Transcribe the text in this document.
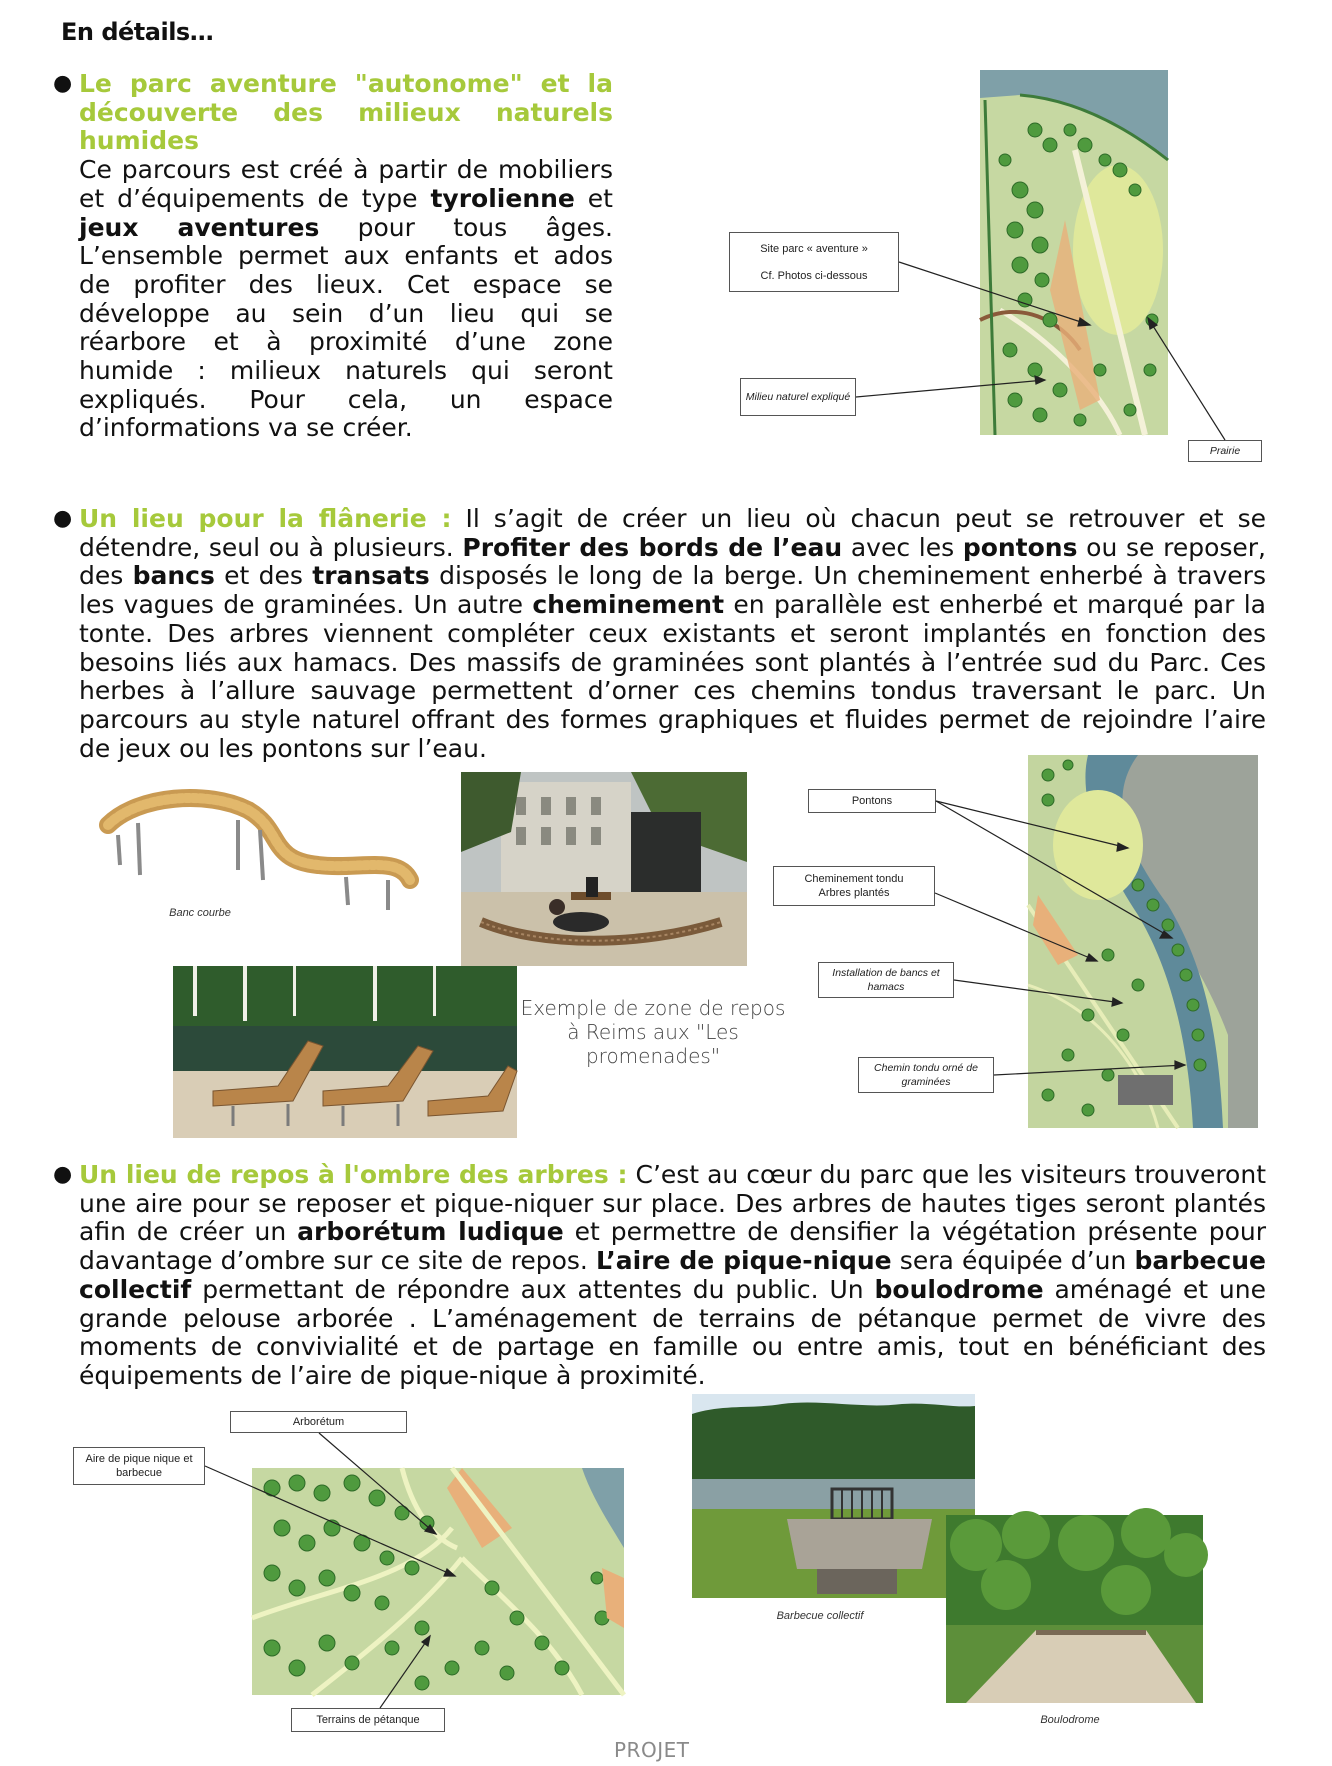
En détails…
● Le parc aventure "autonome" et la découverte des milieux naturels humides
Ce parcours est créé à partir de mobiliers et d’équipements de type tyrolienne et jeux aventures pour tous âges. L’ensemble permet aux enfants et ados de profiter des lieux. Cet espace se développe au sein d’un lieu qui se réarbore et à proximité d’une zone humide : milieux naturels qui seront expliqués. Pour cela, un espace d’informations va se créer.
Site parc « aventure »
Cf. Photos ci-dessous
Milieu naturel expliqué
Prairie
● Un lieu pour la flânerie : Il s’agit de créer un lieu où chacun peut se retrouver et se détendre, seul ou à plusieurs. Profiter des bords de l’eau avec les pontons ou se reposer, des bancs et des transats disposés le long de la berge. Un cheminement enherbé à travers les vagues de graminées. Un autre cheminement en parallèle est enherbé et marqué par la tonte. Des arbres viennent compléter ceux existants et seront implantés en fonction des besoins liés aux hamacs. Des massifs de graminées sont plantés à l’entrée sud du Parc. Ces herbes à l’allure sauvage permettent d’orner ces chemins tondus traversant le parc. Un parcours au style naturel offrant des formes graphiques et fluides permet de rejoindre l’aire de jeux ou les pontons sur l’eau.
Banc courbe
Exemple de zone de repos à Reims aux "Les promenades"
Pontons
Cheminement tondu
Arbres plantés
Installation de bancs et hamacs
Chemin tondu orné de graminées
● Un lieu de repos à l'ombre des arbres : C’est au cœur du parc que les visiteurs trouveront une aire pour se reposer et pique-niquer sur place. Des arbres de hautes tiges seront plantés afin de créer un arborétum ludique et permettre de densifier la végétation présente pour davantage d’ombre sur ce site de repos. L’aire de pique-nique sera équipée d’un barbecue collectif permettant de répondre aux attentes du public. Un boulodrome aménagé et une grande pelouse arborée . L’aménagement de terrains de pétanque permet de vivre des moments de convivialité et de partage en famille ou entre amis, tout en bénéficiant des équipements de l’aire de pique-nique à proximité.
Arborétum
Aire de pique nique et barbecue
Terrains de pétanque
Barbecue collectif
Boulodrome
PROJET
